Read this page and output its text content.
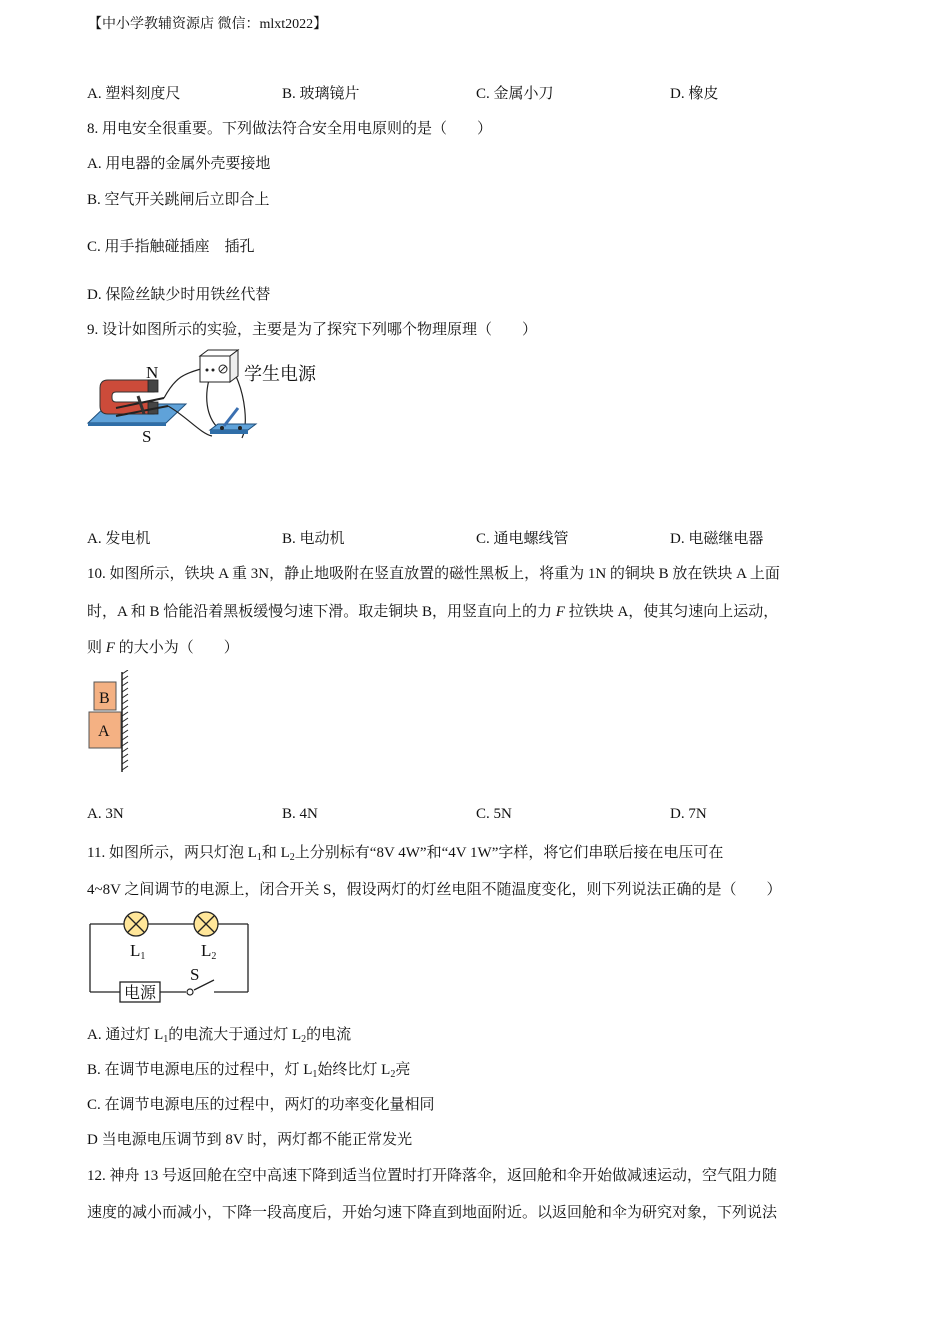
【中小学教辅资源店 微信：mlxt2022】
A. 塑料刻度尺	B. 玻璃镜片	C. 金属小刀	D. 橡皮
8. 用电安全很重要。下列做法符合安全用电原则的是（　　）
A. 用电器的金属外壳要接地
B. 空气开关跳闸后立即合上
C. 用手指触碰插座　插孔
D. 保险丝缺少时用铁丝代替
9. 设计如图所示的实验，主要是为了探究下列哪个物理原理（　　）
N
S
学生电源
A. 发电机	B. 电动机	C. 通电螺线管	D. 电磁继电器
10. 如图所示，铁块 A 重 3N，静止地吸附在竖直放置的磁性黑板上，将重为 1N 的铜块 B 放在铁块 A 上面
时，A 和 B 恰能沿着黑板缓慢匀速下滑。取走铜块 B，用竖直向上的力 F 拉铁块 A，使其匀速向上运动，
则 F 的大小为（　　）
B
A
A. 3N	B. 4N	C. 5N	D. 7N
11. 如图所示，两只灯泡 $L_1$和 $L_2$上分别标有“8V 4W”和“4V 1W”字样，将它们串联后接在电压可在
4~8V 之间调节的电源上，闭合开关 S，假设两灯的灯丝电阻不随温度变化，则下列说法正确的是（　　）
L1	L2
S
电源
A. 通过灯 $L_1$的电流大于通过灯 $L_2$的电流
B. 在调节电源电压的过程中，灯 $L_1$始终比灯 $L_2$亮
C. 在调节电源电压的过程中，两灯的功率变化量相同
D 当电源电压调节到 8V 时，两灯都不能正常发光
12. 神舟 13 号返回舱在空中高速下降到适当位置时打开降落伞，返回舱和伞开始做减速运动，空气阻力随
速度的减小而减小，下降一段高度后，开始匀速下降直到地面附近。以返回舱和伞为研究对象，下列说法
